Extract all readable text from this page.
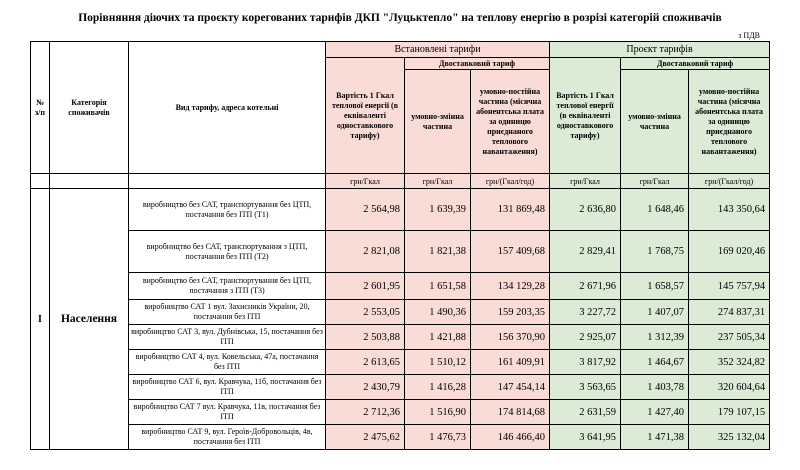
Порівняння діючих та проєкту корегованих тарифів ДКП "Луцьктепло" на теплову енергію в розрізі категорій споживачів
з ПДВ
№ з/п	Категорія споживачів	Вид тарифу, адреса котельні	Встановлені тарифи			Проєкт тарифів		
			Вартість 1 Гкал теплової енергії (в еквіваленті одноставкового тарифу)	Двоставковий тариф		Вартість 1 Гкал теплової енергії (в еквіваленті одноставкового тарифу)	Двоставковий тариф	
				умовно-змінна частина	умовно-постійна частина (місячна абонентська плата за одиницю приєднаного теплового навантаження)		умовно-змінна частина	умовно-постійна частина (місячна абонентська плата за одиницю приєднаного теплового навантаження)
			грн/Гкал	грн/Гкал	грн/(Гкал/год)	грн/Гкал	грн/Гкал	грн/(Гкал/год)
І	Населення	виробництво без САТ, транспортування без ЦТП, постачання без ІТП (Т1)	2 564,98	1 639,39	131 869,48	2 636,80	1 648,46	143 350,64
		виробництво без САТ, транспортування з ЦТП, постачання без ІТП (Т2)	2 821,08	1 821,38	157 409,68	2 829,41	1 768,75	169 020,46
		виробництво без САТ, транспортування без ЦТП, постачання з ІТП (Т3)	2 601,95	1 651,58	134 129,28	2 671,96	1 658,57	145 757,94
		виробництво САТ 1 вул. Захисників України, 20, постачання без ІТП	2 553,05	1 490,36	159 203,35	3 227,72	1 407,07	274 837,31
		виробництво САТ 3, вул. Дубнівська, 15, постачання без ІТП	2 503,88	1 421,88	156 370,90	2 925,07	1 312,39	237 505,34
		виробництво САТ 4, вул. Ковельська, 47а, постачання без ІТП	2 613,65	1 510,12	161 409,91	3 817,92	1 464,67	352 324,82
		виробництво САТ 6, вул. Кравчука, 11б, постачання без ІТП	2 430,79	1 416,28	147 454,14	3 563,65	1 403,78	320 604,64
		виробництво САТ 7 вул. Кравчука, 11в, постачання без ІТП	2 712,36	1 516,90	174 814,68	2 631,59	1 427,40	179 107,15
		виробництво САТ 9, вул. Героїв-Добровольців, 4в, постачання без ІТП	2 475,62	1 476,73	146 466,40	3 641,95	1 471,38	325 132,04
